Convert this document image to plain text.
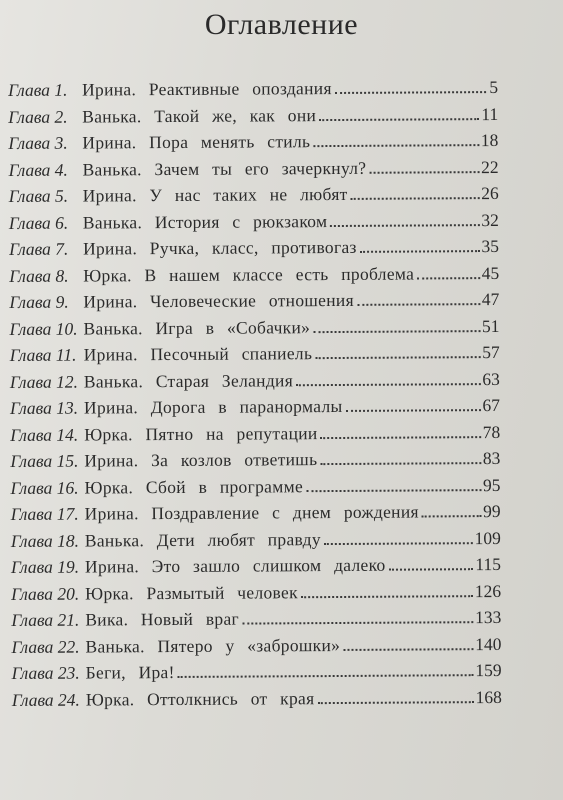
Оглавление
Глава 1. Ирина. Реактивные опоздания	5
Глава 2. Ванька. Такой же, как они	11
Глава 3. Ирина. Пора менять стиль	18
Глава 4. Ванька. Зачем ты его зачеркнул?	22
Глава 5. Ирина. У нас таких не любят	26
Глава 6. Ванька. История с рюкзаком	32
Глава 7. Ирина. Ручка, класс, противогаз	35
Глава 8. Юрка. В нашем классе есть проблема	45
Глава 9. Ирина. Человеческие отношения	47
Глава 10. Ванька. Игра в «Собачки»	51
Глава 11. Ирина. Песочный спаниель	57
Глава 12. Ванька. Старая Зеландия	63
Глава 13. Ирина. Дорога в паранормалы	67
Глава 14. Юрка. Пятно на репутации	78
Глава 15. Ирина. За козлов ответишь	83
Глава 16. Юрка. Сбой в программе	95
Глава 17. Ирина. Поздравление с днем рождения	99
Глава 18. Ванька. Дети любят правду	109
Глава 19. Ирина. Это зашло слишком далеко	115
Глава 20. Юрка. Размытый человек	126
Глава 21. Вика. Новый враг	133
Глава 22. Ванька. Пятеро у «заброшки»	140
Глава 23. Беги, Ира!	159
Глава 24. Юрка. Оттолкнись от края	168
